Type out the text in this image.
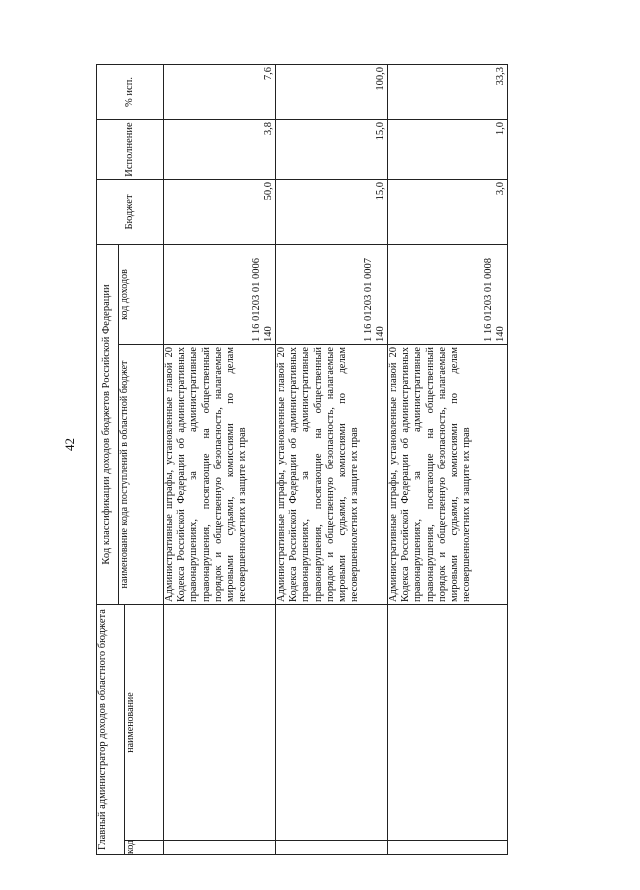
42
Главный администратор доходов областного бюджета		Код классификации доходов бюджетов Российской Федерации		Бюджет	Исполнение	% исп.
		наименование кода поступлений в областной бюджет	код доходов			
код	наименование					
		Административные штрафы, установленные главой 20 Кодекса Российской Федерации об административных правонарушениях, за административные правонарушения, посягающие на общественный порядок и общественную безопасность, налагаемые мировыми судьями, комиссиями по делам несовершеннолетних и защите их прав	1 16 01203 01 0006 140	50,0	3,8	7,6
		Административные штрафы, установленные главой 20 Кодекса Российской Федерации об административных правонарушениях, за административные правонарушения, посягающие на общественный порядок и общественную безопасность, налагаемые мировыми судьями, комиссиями по делам несовершеннолетних и защите их прав	1 16 01203 01 0007 140	15,0	15,0	100,0
		Административные штрафы, установленные главой 20 Кодекса Российской Федерации об административных правонарушениях, за административные правонарушения, посягающие на общественный порядок и общественную безопасность, налагаемые мировыми судьями, комиссиями по делам несовершеннолетних и защите их прав	1 16 01203 01 0008 140	3,0	1,0	33,3
